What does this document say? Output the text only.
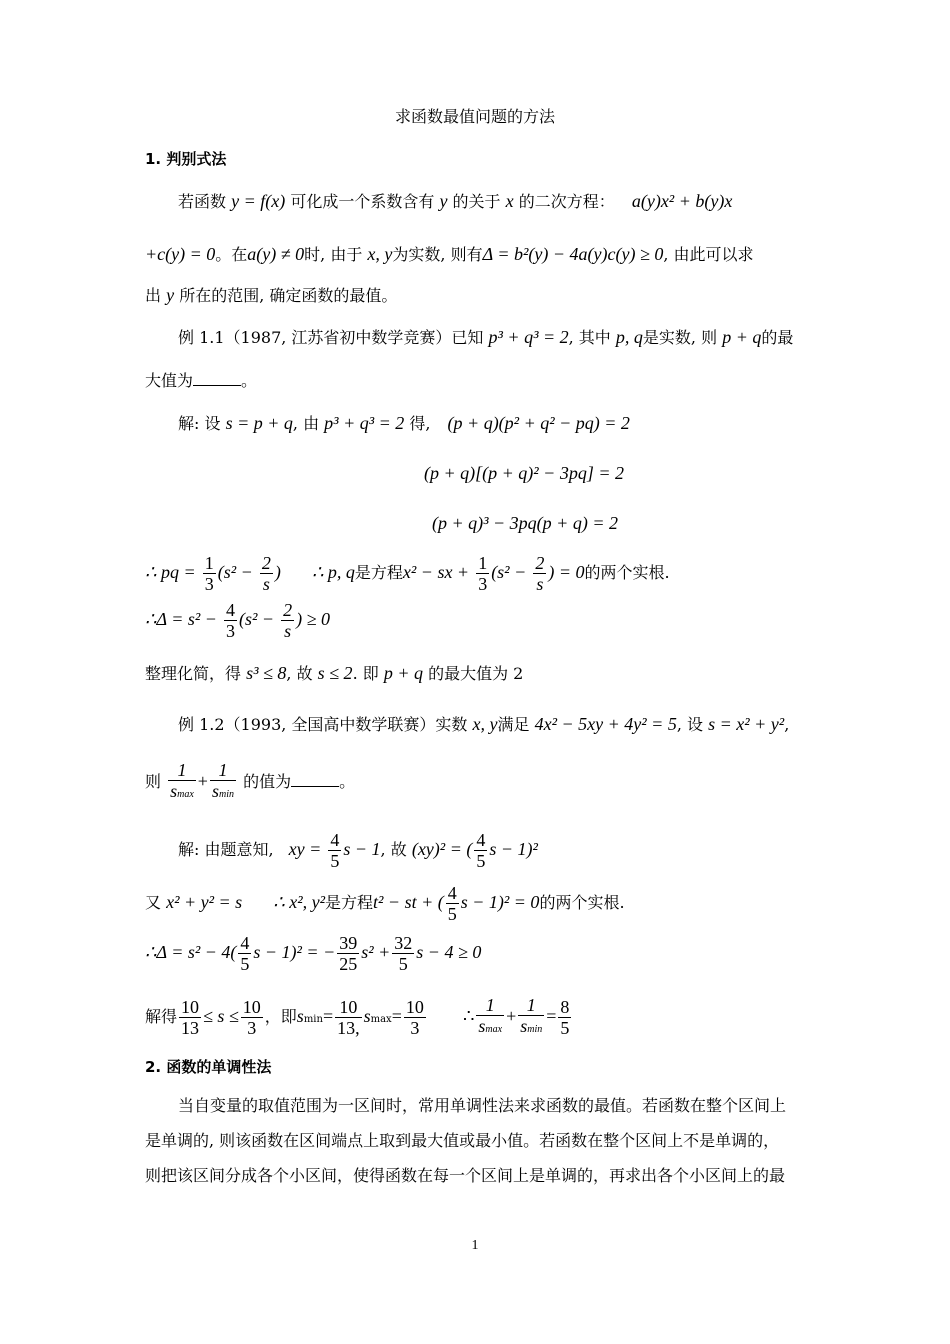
求函数最值问题的方法
1. 判别式法
若函数 y = f(x) 可化成一个系数含有 y 的关于 x 的二次方程： a(y)x² + b(y)x
+c(y) = 0。在a(y) ≠ 0时, 由于 x, y为实数, 则有Δ = b²(y) − 4a(y)c(y) ≥ 0, 由此可以求
出 y 所在的范围, 确定函数的最值。
例 1.1（1987, 江苏省初中数学竞赛）已知 p³ + q³ = 2, 其中 p, q是实数, 则 p + q的最
大值为	。
解: 设 s = p + q, 由 p³ + q³ = 2 得, (p + q)(p² + q² − pq) = 2
(p + q)[(p + q)² − 3pq] = 2
(p + q)³ − 3pq(p + q) = 2
∴ pq = $\frac{1}{3} (s^2 - \frac{2}{s}$ ) ∴ p, q是方程x² − sx + $\frac{1}{3} (s^2 - \frac{2}{s}$ ) = 0的两个实根.
∴Δ = $s^2 - \frac{4}{3} (s^2 - \frac{2}{s}$ ) ≥ 0
整理化简，得 s³ ≤ 8, 故 s ≤ 2. 即 p + q 的最大值为 2
例 1.2（1993, 全国高中数学联赛）实数 x, y满足 4x² − 5xy + 4y² = 5, 设 s = x² + y²,
则 $\frac{1}{smax} + \frac{1}{smin}$ 的值为	。
解: 由题意知, xy = $\frac{4}{5}$ s − 1, 故 (xy)² = ( $\frac{4}{5}$ s − 1)²
又 x² + y² = s ∴ x², y²是方程t² − st + ( $\frac{4}{5}$ s − 1)² = 0的两个实根.
∴Δ = $s^2 - 4( \frac{4}{5}$ s − 1)² = − $\frac{39}{25} s^2 + \frac{32}{5}$ s − 4 ≥ 0
解得 $\frac{10}{13} \le s \le \frac{10}{3}$ ，即$smin= \frac{10}{13,} smax= \frac{10}{3}$ ∴ $\frac{1}{smax} + \frac{1}{smin} = \frac{8}{5}$
2. 函数的单调性法
当自变量的取值范围为一区间时，常用单调性法来求函数的最值。若函数在整个区间上
是单调的, 则该函数在区间端点上取到最大值或最小值。若函数在整个区间上不是单调的，
则把该区间分成各个小区间，使得函数在每一个区间上是单调的，再求出各个小区间上的最
1
